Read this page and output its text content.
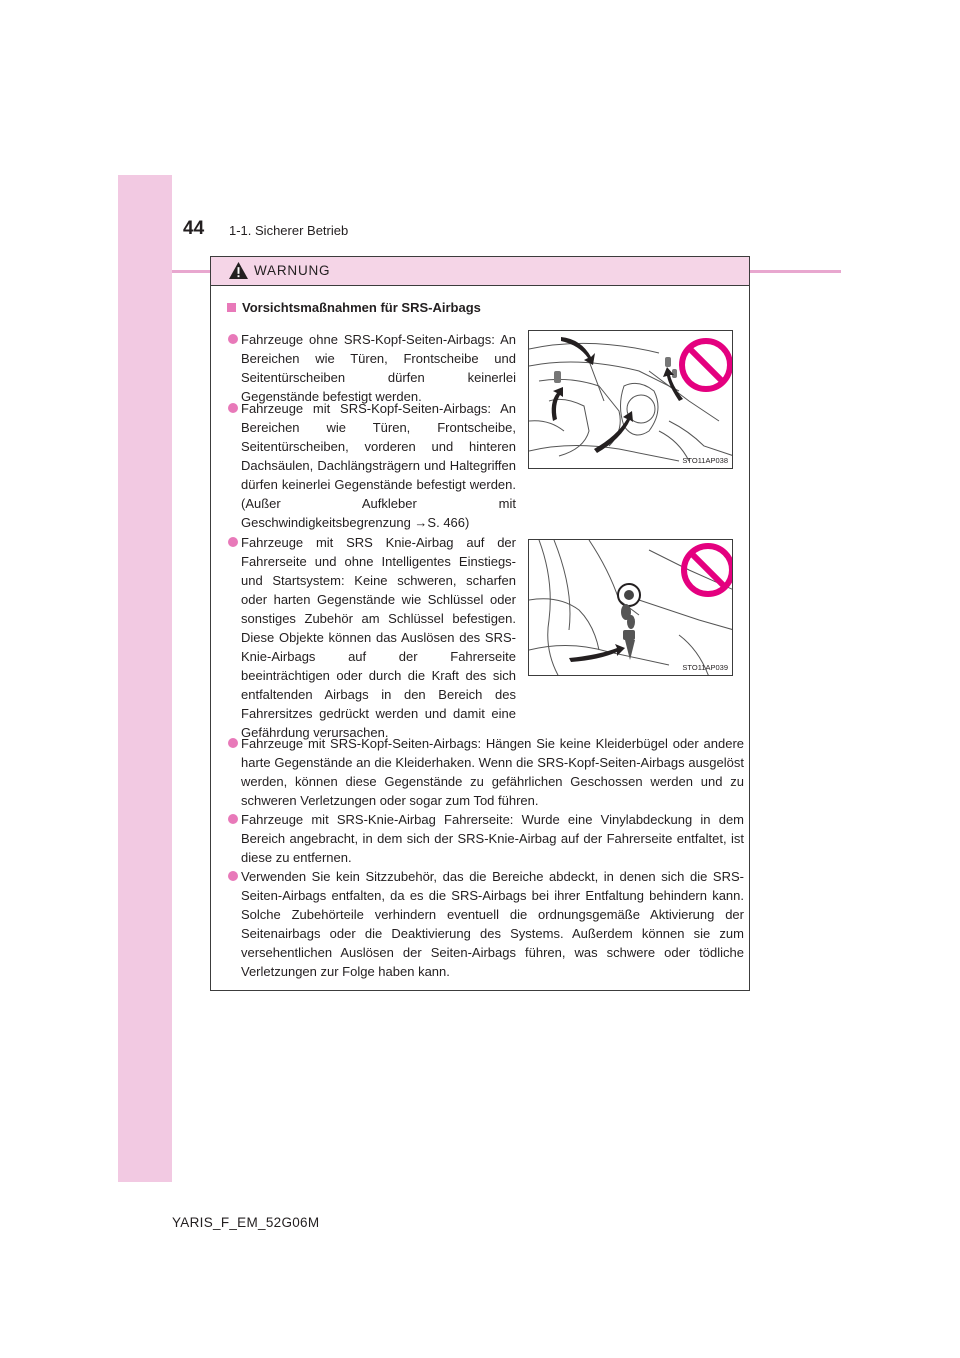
44 1-1. Sicherer Betrieb
WARNUNG
Vorsichtsmaßnahmen für SRS-Airbags
Fahrzeuge ohne SRS-Kopf-Seiten-Airbags: An Bereichen wie Türen, Frontscheibe und Seitentürscheiben dürfen keinerlei Gegenstände befestigt werden.
Fahrzeuge mit SRS-Kopf-Seiten-Airbags: An Bereichen wie Türen, Frontscheibe, Seitentürscheiben, vorderen und hinteren Dachsäulen, Dachlängsträgern und Haltegriffen dürfen keinerlei Gegenstände befestigt werden. (Außer Aufkleber mit Geschwindigkeitsbegrenzung →S. 466)
Fahrzeuge mit SRS Knie-Airbag auf der Fahrerseite und ohne Intelligentes Einstiegs- und Startsystem: Keine schweren, scharfen oder harten Gegenstände wie Schlüssel oder sonstiges Zubehör am Schlüssel befestigen. Diese Objekte können das Auslösen des SRS-Knie-Airbags auf der Fahrerseite beeinträchtigen oder durch die Kraft des sich entfaltenden Airbags in den Bereich des Fahrersitzes gedrückt werden und damit eine Gefährdung verursachen.
Fahrzeuge mit SRS-Kopf-Seiten-Airbags: Hängen Sie keine Kleiderbügel oder andere harte Gegenstände an die Kleiderhaken. Wenn die SRS-Kopf-Seiten-Airbags ausgelöst werden, können diese Gegenstände zu gefährlichen Geschossen werden und zu schweren Verletzungen oder sogar zum Tod führen.
Fahrzeuge mit SRS-Knie-Airbag Fahrerseite: Wurde eine Vinylabdeckung in dem Bereich angebracht, in dem sich der SRS-Knie-Airbag auf der Fahrerseite entfaltet, ist diese zu entfernen.
Verwenden Sie kein Sitzzubehör, das die Bereiche abdeckt, in denen sich die SRS-Seiten-Airbags entfalten, da es die SRS-Airbags bei ihrer Entfaltung behindern kann. Solche Zubehörteile verhindern eventuell die ordnungsgemäße Aktivierung der Seitenairbags oder die Deaktivierung des Systems. Außerdem können sie zum versehentlichen Auslösen der Seiten-Airbags führen, was schwere oder tödliche Verletzungen zur Folge haben kann.
STO11AP038
STO11AP039
YARIS_F_EM_52G06M
